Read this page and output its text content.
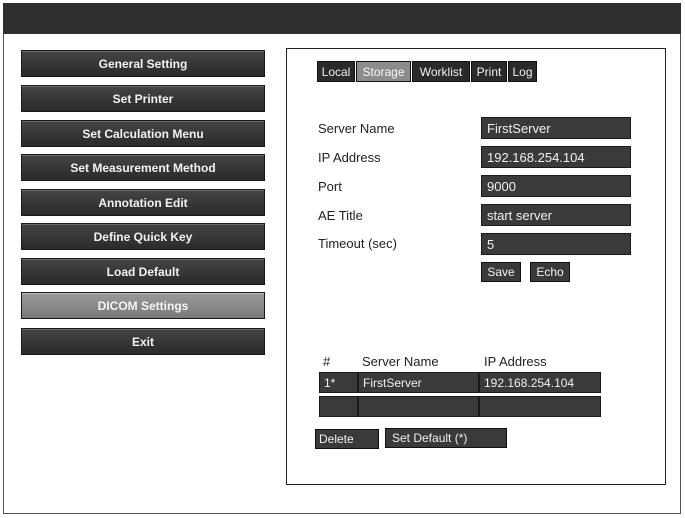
General Setting
Set Printer
Set Calculation Menu
Set Measurement Method
Annotation Edit
Define Quick Key
Load Default
DICOM Settings
Exit
Local	Storage	Worklist	Print Log
Server Name	FirstServer
IP Address	192.168.254.104
Port	9000
AE Title	start server
Timeout (sec)	5
Save	Echo
# Server Name	IP Address
1*	FirstServer	192.168.254.104
Delete	Set Default (*)
